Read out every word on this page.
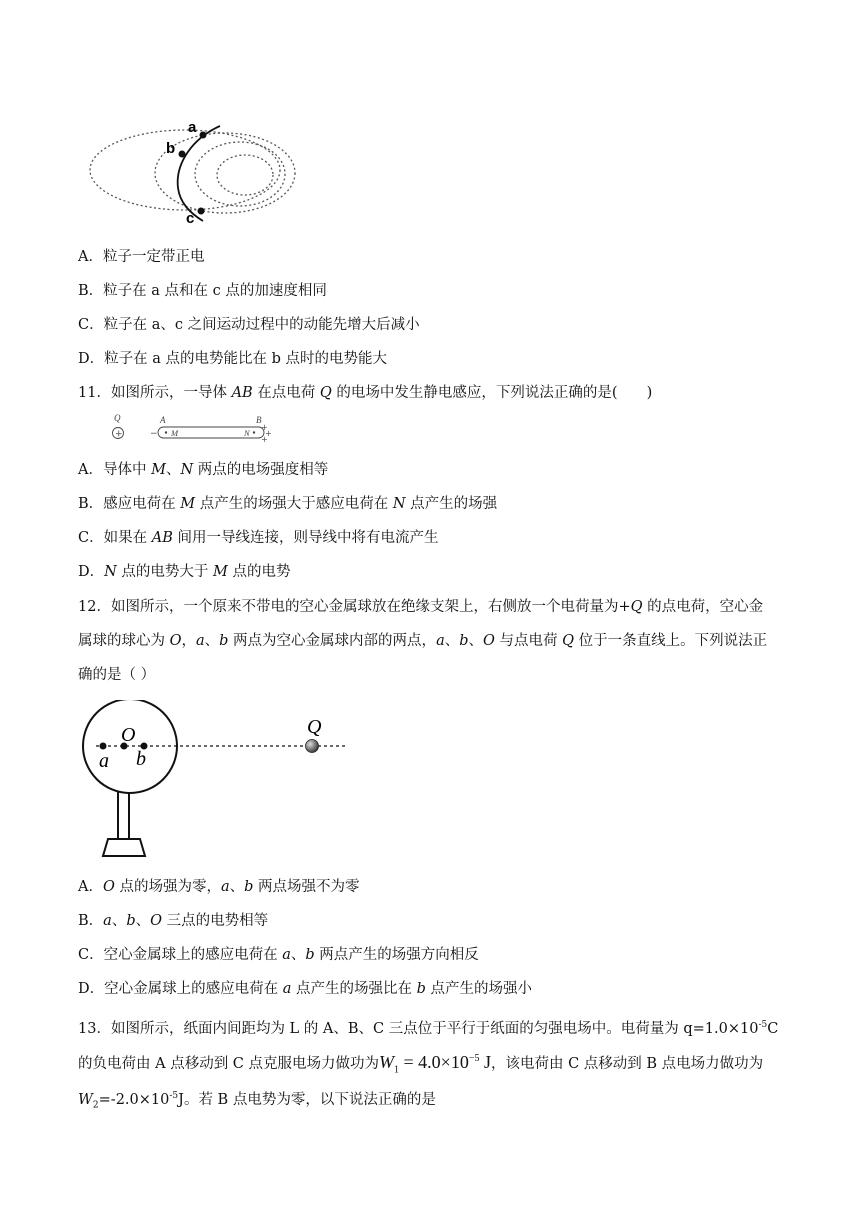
a
b
c
A．粒子一定带正电
B．粒子在 a 点和在 c 点的加速度相同
C．粒子在 a、c 之间运动过程中的动能先增大后减小
D．粒子在 a 点的电势能比在 b 点时的电势能大
11．如图所示，一导体 AB 在点电荷 Q 的电场中发生静电感应，下列说法正确的是(　　)
Q
+
A	B
− M	N
+
+
+
A．导体中 M、N 两点的电场强度相等
B．感应电荷在 M 点产生的场强大于感应电荷在 N 点产生的场强
C．如果在 AB 间用一导线连接，则导线中将有电流产生
D．N 点的电势大于 M 点的电势
12．如图所示，一个原来不带电的空心金属球放在绝缘支架上，右侧放一个电荷量为+Q 的点电荷，空心金
属球的球心为 O，a、b 两点为空心金属球内部的两点，a、b、O 与点电荷 Q 位于一条直线上。下列说法正
确的是（ ）
O
a b
Q
A．O 点的场强为零，a、b 两点场强不为零
B．a、b、O 三点的电势相等
C．空心金属球上的感应电荷在 a、b 两点产生的场强方向相反
D．空心金属球上的感应电荷在 a 点产生的场强比在 b 点产生的场强小
13．如图所示，纸面内间距均为 L 的 A、B、C 三点位于平行于纸面的匀强电场中。电荷量为 $q=1.0\times 10^{-5}C$
的负电荷由 A 点移动到 C 点克服电场力做功为$W_1 = 4.0\times 10^{-5}$ J，该电荷由 C 点移动到 B 点电场力做功为
$W_2=-2.0\times 10^{-5}J$。若 B 点电势为零，以下说法正确的是
